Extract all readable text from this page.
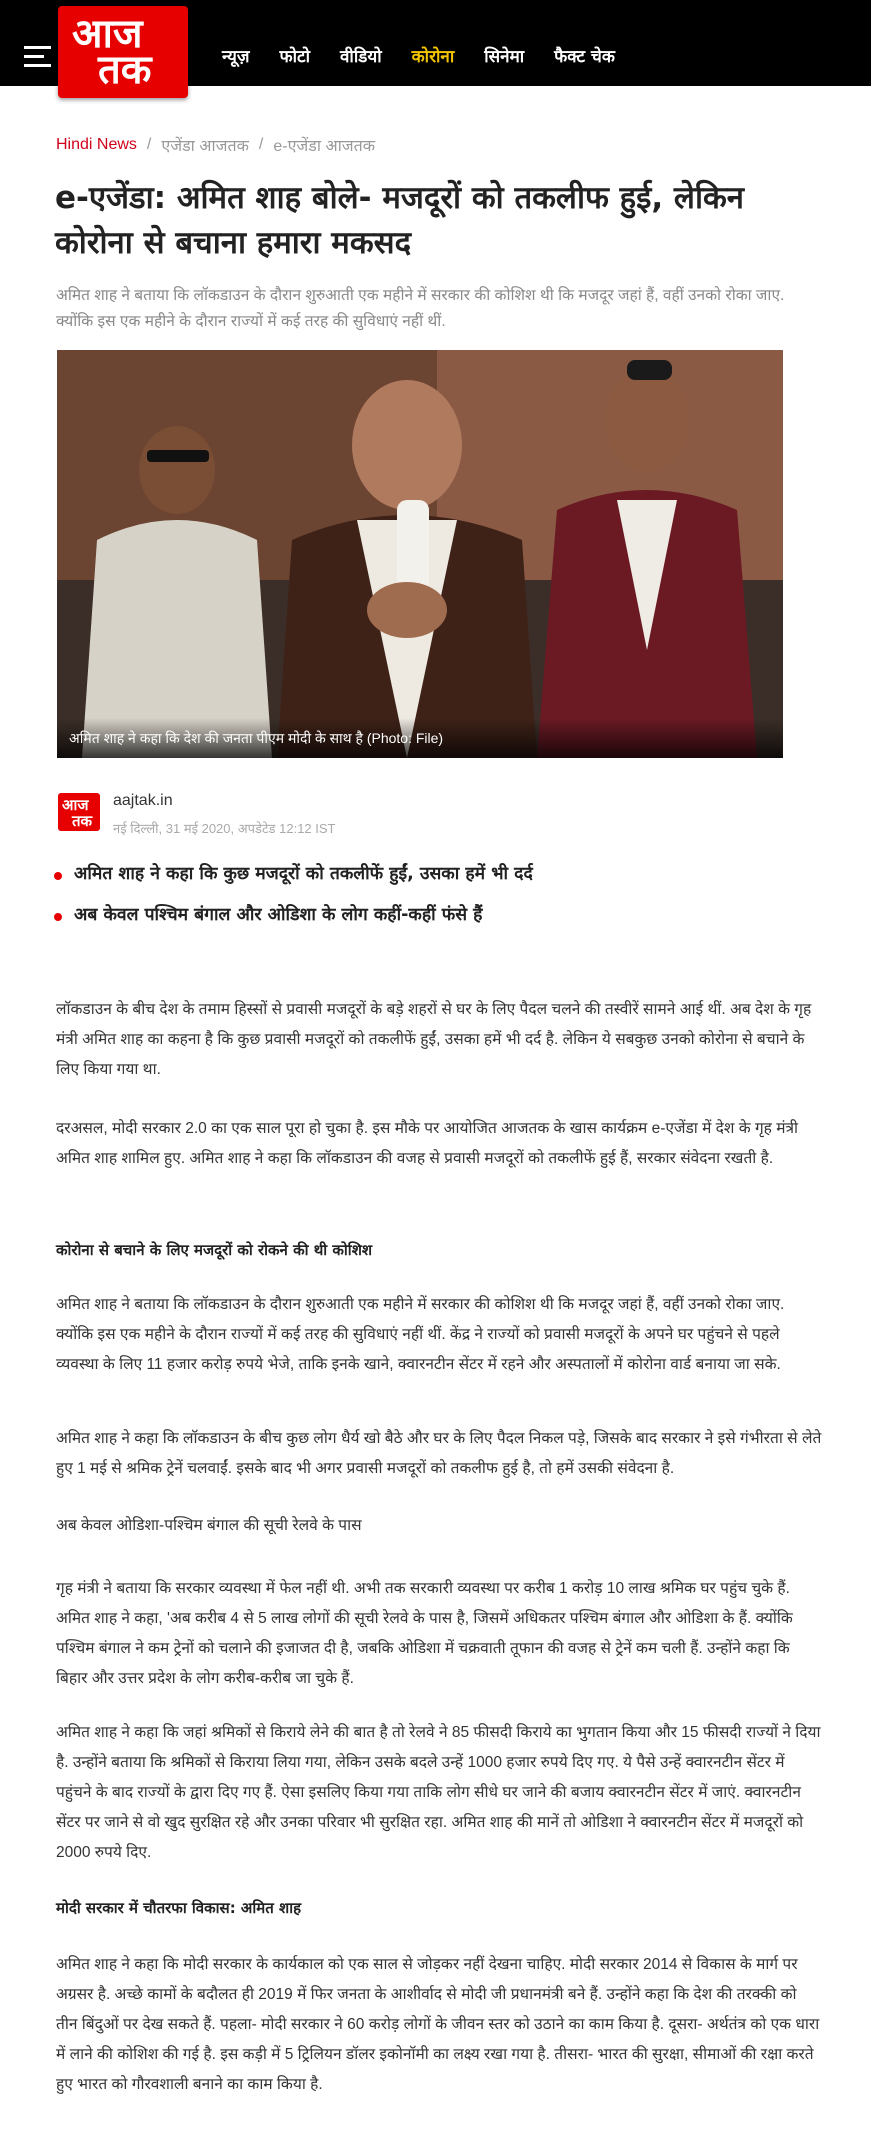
आज
तक	न्यूज़ फोटो वीडियो कोरोना सिनेमा फैक्ट चेक
Hindi News / एजेंडा आजतक / e-एजेंडा आजतक
e-एजेंडा: अमित शाह बोले- मजदूरों को तकलीफ हुई, लेकिन कोरोना से बचाना हमारा मकसद

अमित शाह ने बताया कि लॉकडाउन के दौरान शुरुआती एक महीने में सरकार की कोशिश थी कि मजदूर जहां हैं, वहीं उनको रोका जाए. क्योंकि इस एक महीने के दौरान राज्यों में कई तरह की सुविधाएं नहीं थीं.

अमित शाह ने कहा कि देश की जनता पीएम मोदी के साथ है (Photo: File)
आज
तक
aajtak.in
नई दिल्ली, 31 मई 2020, अपडेटेड 12:12 IST
अमित शाह ने कहा कि कुछ मजदूरों को तकलीफें हुईं, उसका हमें भी दर्द
अब केवल पश्चिम बंगाल और ओडिशा के लोग कहीं-कहीं फंसे हैं

लॉकडाउन के बीच देश के तमाम हिस्सों से प्रवासी मजदूरों के बड़े शहरों से घर के लिए पैदल चलने की तस्वीरें सामने आई थीं. अब देश के गृह मंत्री अमित शाह का कहना है कि कुछ प्रवासी मजदूरों को तकलीफें हुईं, उसका हमें भी दर्द है. लेकिन ये सबकुछ उनको कोरोना से बचाने के लिए किया गया था.

दरअसल, मोदी सरकार 2.0 का एक साल पूरा हो चुका है. इस मौके पर आयोजित आजतक के खास कार्यक्रम e-एजेंडा में देश के गृह मंत्री अमित शाह शामिल हुए. अमित शाह ने कहा कि लॉकडाउन की वजह से प्रवासी मजदूरों को तकलीफें हुई हैं, सरकार संवेदना रखती है.

कोरोना से बचाने के लिए मजदूरों को रोकने की थी कोशिश

अमित शाह ने बताया कि लॉकडाउन के दौरान शुरुआती एक महीने में सरकार की कोशिश थी कि मजदूर जहां हैं, वहीं उनको रोका जाए. क्योंकि इस एक महीने के दौरान राज्यों में कई तरह की सुविधाएं नहीं थीं. केंद्र ने राज्यों को प्रवासी मजदूरों के अपने घर पहुंचने से पहले व्यवस्था के लिए 11 हजार करोड़ रुपये भेजे, ताकि इनके खाने, क्वारनटीन सेंटर में रहने और अस्पतालों में कोरोना वार्ड बनाया जा सके.

अमित शाह ने कहा कि लॉकडाउन के बीच कुछ लोग धैर्य खो बैठे और घर के लिए पैदल निकल पड़े, जिसके बाद सरकार ने इसे गंभीरता से लेते हुए 1 मई से श्रमिक ट्रेनें चलवाईं. इसके बाद भी अगर प्रवासी मजदूरों को तकलीफ हुई है, तो हमें उसकी संवेदना है.

अब केवल ओडिशा-पश्चिम बंगाल की सूची रेलवे के पास

गृह मंत्री ने बताया कि सरकार व्यवस्था में फेल नहीं थी. अभी तक सरकारी व्यवस्था पर करीब 1 करोड़ 10 लाख श्रमिक घर पहुंच चुके हैं. अमित शाह ने कहा, 'अब करीब 4 से 5 लाख लोगों की सूची रेलवे के पास है, जिसमें अधिकतर पश्चिम बंगाल और ओडिशा के हैं. क्योंकि पश्चिम बंगाल ने कम ट्रेनों को चलाने की इजाजत दी है, जबकि ओडिशा में चक्रवाती तूफान की वजह से ट्रेनें कम चली हैं. उन्होंने कहा कि बिहार और उत्तर प्रदेश के लोग करीब-करीब जा चुके हैं.

अमित शाह ने कहा कि जहां श्रमिकों से किराये लेने की बात है तो रेलवे ने 85 फीसदी किराये का भुगतान किया और 15 फीसदी राज्यों ने दिया है. उन्होंने बताया कि श्रमिकों से किराया लिया गया, लेकिन उसके बदले उन्हें 1000 हजार रुपये दिए गए. ये पैसे उन्हें क्वारनटीन सेंटर में पहुंचने के बाद राज्यों के द्वारा दिए गए हैं. ऐसा इसलिए किया गया ताकि लोग सीधे घर जाने की बजाय क्वारनटीन सेंटर में जाएं. क्वारनटीन सेंटर पर जाने से वो खुद सुरक्षित रहे और उनका परिवार भी सुरक्षित रहा. अमित शाह की मानें तो ओडिशा ने क्वारनटीन सेंटर में मजदूरों को 2000 रुपये दिए.

मोदी सरकार में चौतरफा विकास: अमित शाह

अमित शाह ने कहा कि मोदी सरकार के कार्यकाल को एक साल से जोड़कर नहीं देखना चाहिए. मोदी सरकार 2014 से विकास के मार्ग पर अग्रसर है. अच्छे कामों के बदौलत ही 2019 में फिर जनता के आशीर्वाद से मोदी जी प्रधानमंत्री बने हैं. उन्होंने कहा कि देश की तरक्की को तीन बिंदुओं पर देख सकते हैं. पहला- मोदी सरकार ने 60 करोड़ लोगों के जीवन स्तर को उठाने का काम किया है. दूसरा- अर्थतंत्र को एक धारा में लाने की कोशिश की गई है. इस कड़ी में 5 ट्रिलियन डॉलर इकोनॉमी का लक्ष्य रखा गया है. तीसरा- भारत की सुरक्षा, सीमाओं की रक्षा करते हुए भारत को गौरवशाली बनाने का काम किया है.
